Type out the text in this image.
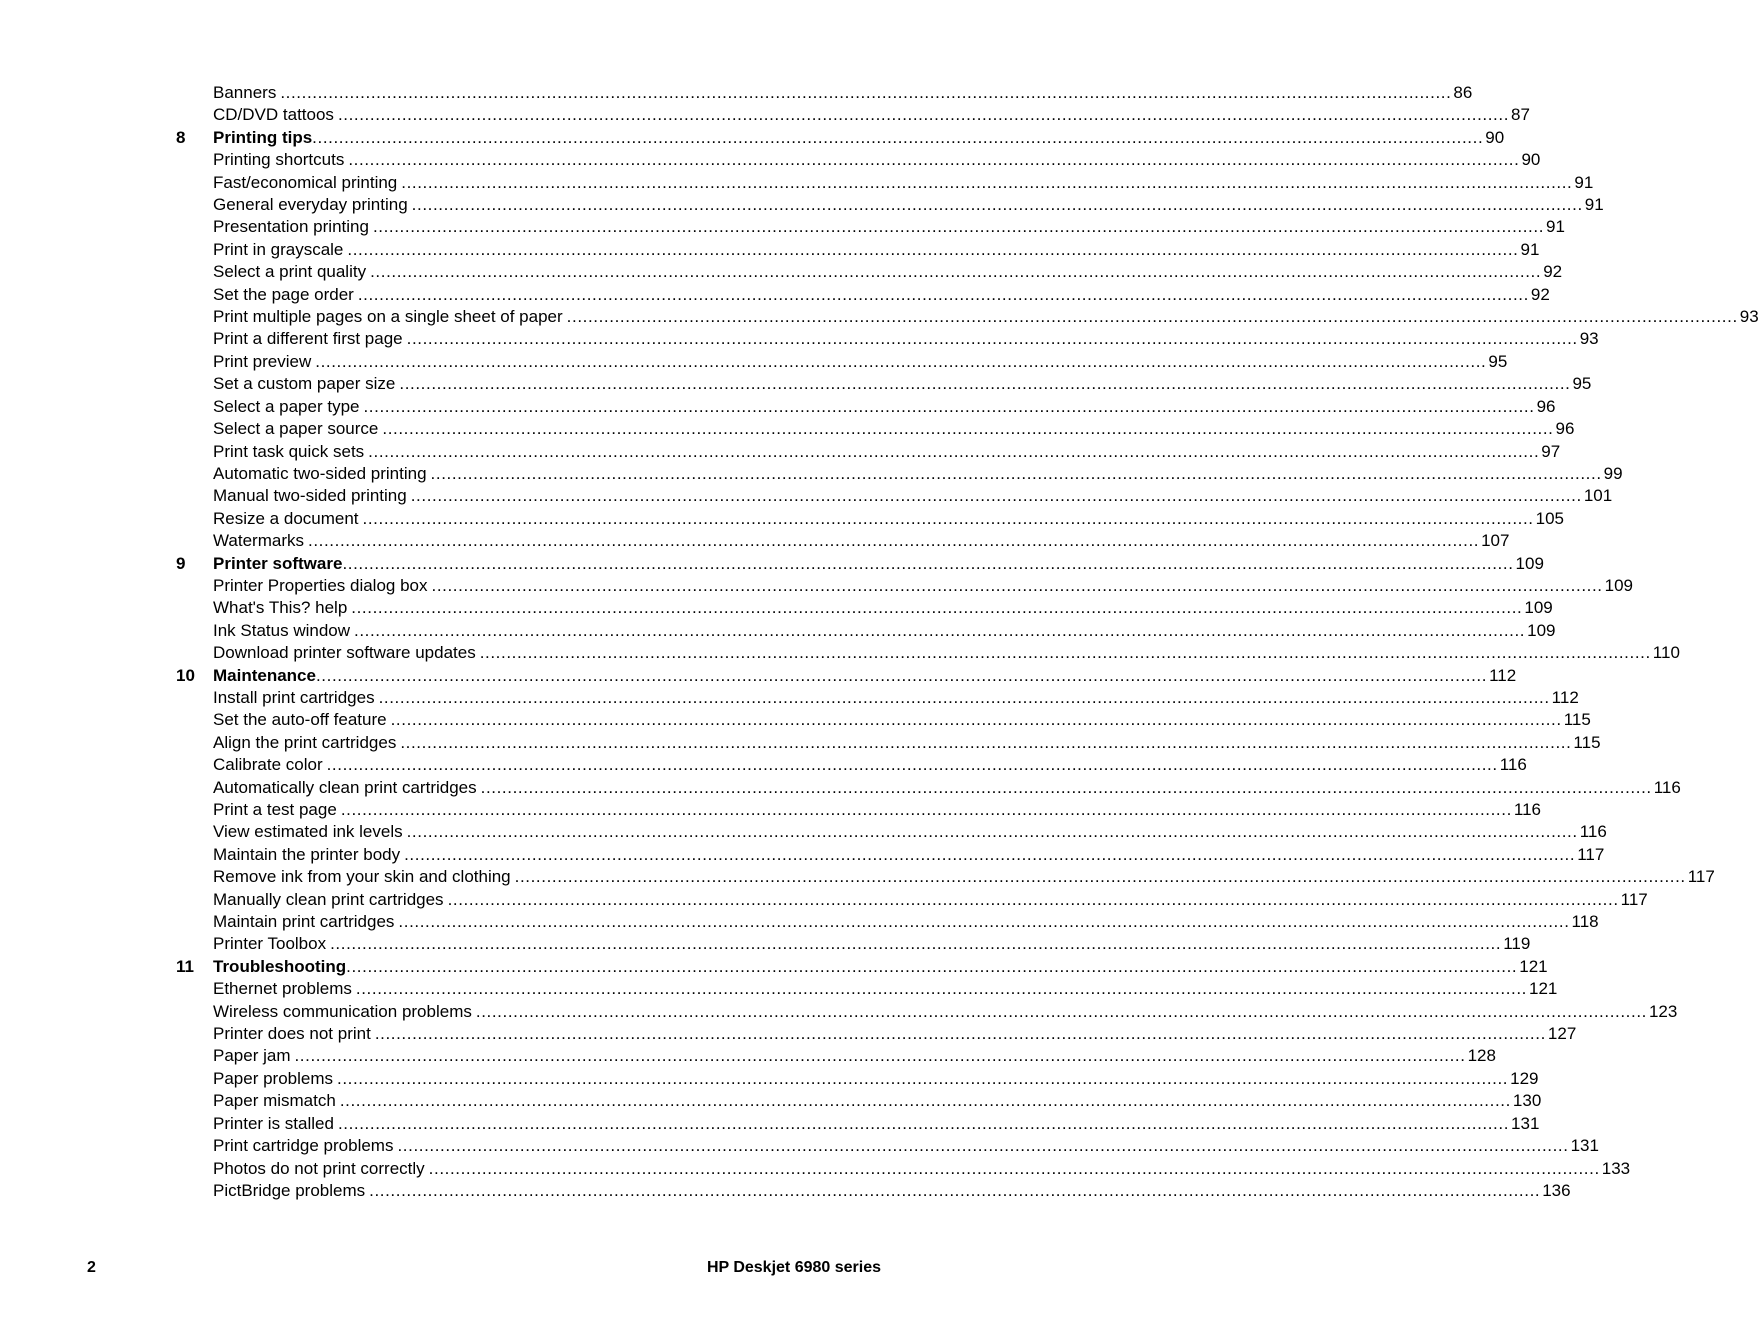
Banners ............................................................................................................................................................................................................................ 86
CD/DVD tattoos ............................................................................................................................................................................................................................ 87
8 Printing tips ............................................................................................................................................................................................................................ 90
Printing shortcuts ............................................................................................................................................................................................................................ 90
Fast/economical printing ............................................................................................................................................................................................................................ 91
General everyday printing ............................................................................................................................................................................................................................ 91
Presentation printing ............................................................................................................................................................................................................................ 91
Print in grayscale ............................................................................................................................................................................................................................ 91
Select a print quality ............................................................................................................................................................................................................................ 92
Set the page order ............................................................................................................................................................................................................................ 92
Print multiple pages on a single sheet of paper ............................................................................................................................................................................................................................ 93
Print a different first page ............................................................................................................................................................................................................................ 93
Print preview ............................................................................................................................................................................................................................ 95
Set a custom paper size ............................................................................................................................................................................................................................ 95
Select a paper type ............................................................................................................................................................................................................................ 96
Select a paper source ............................................................................................................................................................................................................................ 96
Print task quick sets ............................................................................................................................................................................................................................ 97
Automatic two-sided printing ............................................................................................................................................................................................................................ 99
Manual two-sided printing ............................................................................................................................................................................................................................ 101
Resize a document ............................................................................................................................................................................................................................ 105
Watermarks ............................................................................................................................................................................................................................ 107
9 Printer software ............................................................................................................................................................................................................................ 109
Printer Properties dialog box ............................................................................................................................................................................................................................ 109
What's This? help ............................................................................................................................................................................................................................ 109
Ink Status window ............................................................................................................................................................................................................................ 109
Download printer software updates ............................................................................................................................................................................................................................ 110
10 Maintenance ............................................................................................................................................................................................................................ 112
Install print cartridges ............................................................................................................................................................................................................................ 112
Set the auto-off feature ............................................................................................................................................................................................................................ 115
Align the print cartridges ............................................................................................................................................................................................................................ 115
Calibrate color ............................................................................................................................................................................................................................ 116
Automatically clean print cartridges ............................................................................................................................................................................................................................ 116
Print a test page ............................................................................................................................................................................................................................ 116
View estimated ink levels ............................................................................................................................................................................................................................ 116
Maintain the printer body ............................................................................................................................................................................................................................ 117
Remove ink from your skin and clothing ............................................................................................................................................................................................................................ 117
Manually clean print cartridges ............................................................................................................................................................................................................................ 117
Maintain print cartridges ............................................................................................................................................................................................................................ 118
Printer Toolbox ............................................................................................................................................................................................................................ 119
11 Troubleshooting ............................................................................................................................................................................................................................ 121
Ethernet problems ............................................................................................................................................................................................................................ 121
Wireless communication problems ............................................................................................................................................................................................................................ 123
Printer does not print ............................................................................................................................................................................................................................ 127
Paper jam ............................................................................................................................................................................................................................ 128
Paper problems ............................................................................................................................................................................................................................ 129
Paper mismatch ............................................................................................................................................................................................................................ 130
Printer is stalled ............................................................................................................................................................................................................................ 131
Print cartridge problems ............................................................................................................................................................................................................................ 131
Photos do not print correctly ............................................................................................................................................................................................................................ 133
PictBridge problems ............................................................................................................................................................................................................................ 136
2	HP Deskjet 6980 series
